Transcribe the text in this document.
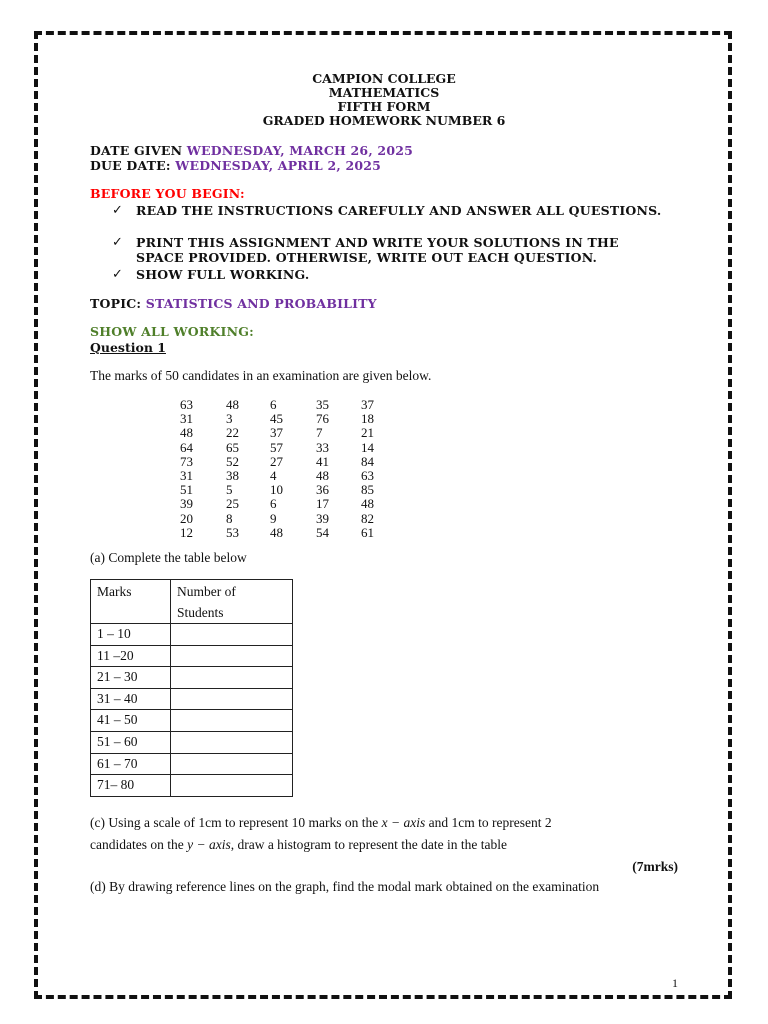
CAMPION COLLEGE
MATHEMATICS
FIFTH FORM
GRADED HOMEWORK NUMBER 6
DATE GIVEN WEDNESDAY, MARCH 26, 2025
DUE DATE: WEDNESDAY, APRIL 2, 2025
BEFORE YOU BEGIN:
✓ READ THE INSTRUCTIONS CAREFULLY AND ANSWER ALL QUESTIONS.
✓ PRINT THIS ASSIGNMENT AND WRITE YOUR SOLUTIONS IN THE SPACE PROVIDED. OTHERWISE, WRITE OUT EACH QUESTION.
✓ SHOW FULL WORKING.
TOPIC: STATISTICS AND PROBABILITY
SHOW ALL WORKING:
Question 1
The marks of 50 candidates in an examination are given below.
63	48 6	35 37
31	3	45	76 18
48	22 37	7	21
64	65 57	33 14
73	52 27	41 84
31	38 4	48 63
51	5	10	36 85
39	25 6	17 48
20	8	9	39 82
12	53 48	54 61
(a) Complete the table below
Marks	Number of
Students

1 – 10	
11 –20	
21 – 30	
31 – 40	
41 – 50	
51 – 60	
61 – 70	
71– 80	
(c) Using a scale of 1cm to represent 10 marks on the x − axis and 1cm to represent 2
candidates on the y − axis, draw a histogram to represent the date in the table
(7mrks)
(d) By drawing reference lines on the graph, find the modal mark obtained on the examination
1
